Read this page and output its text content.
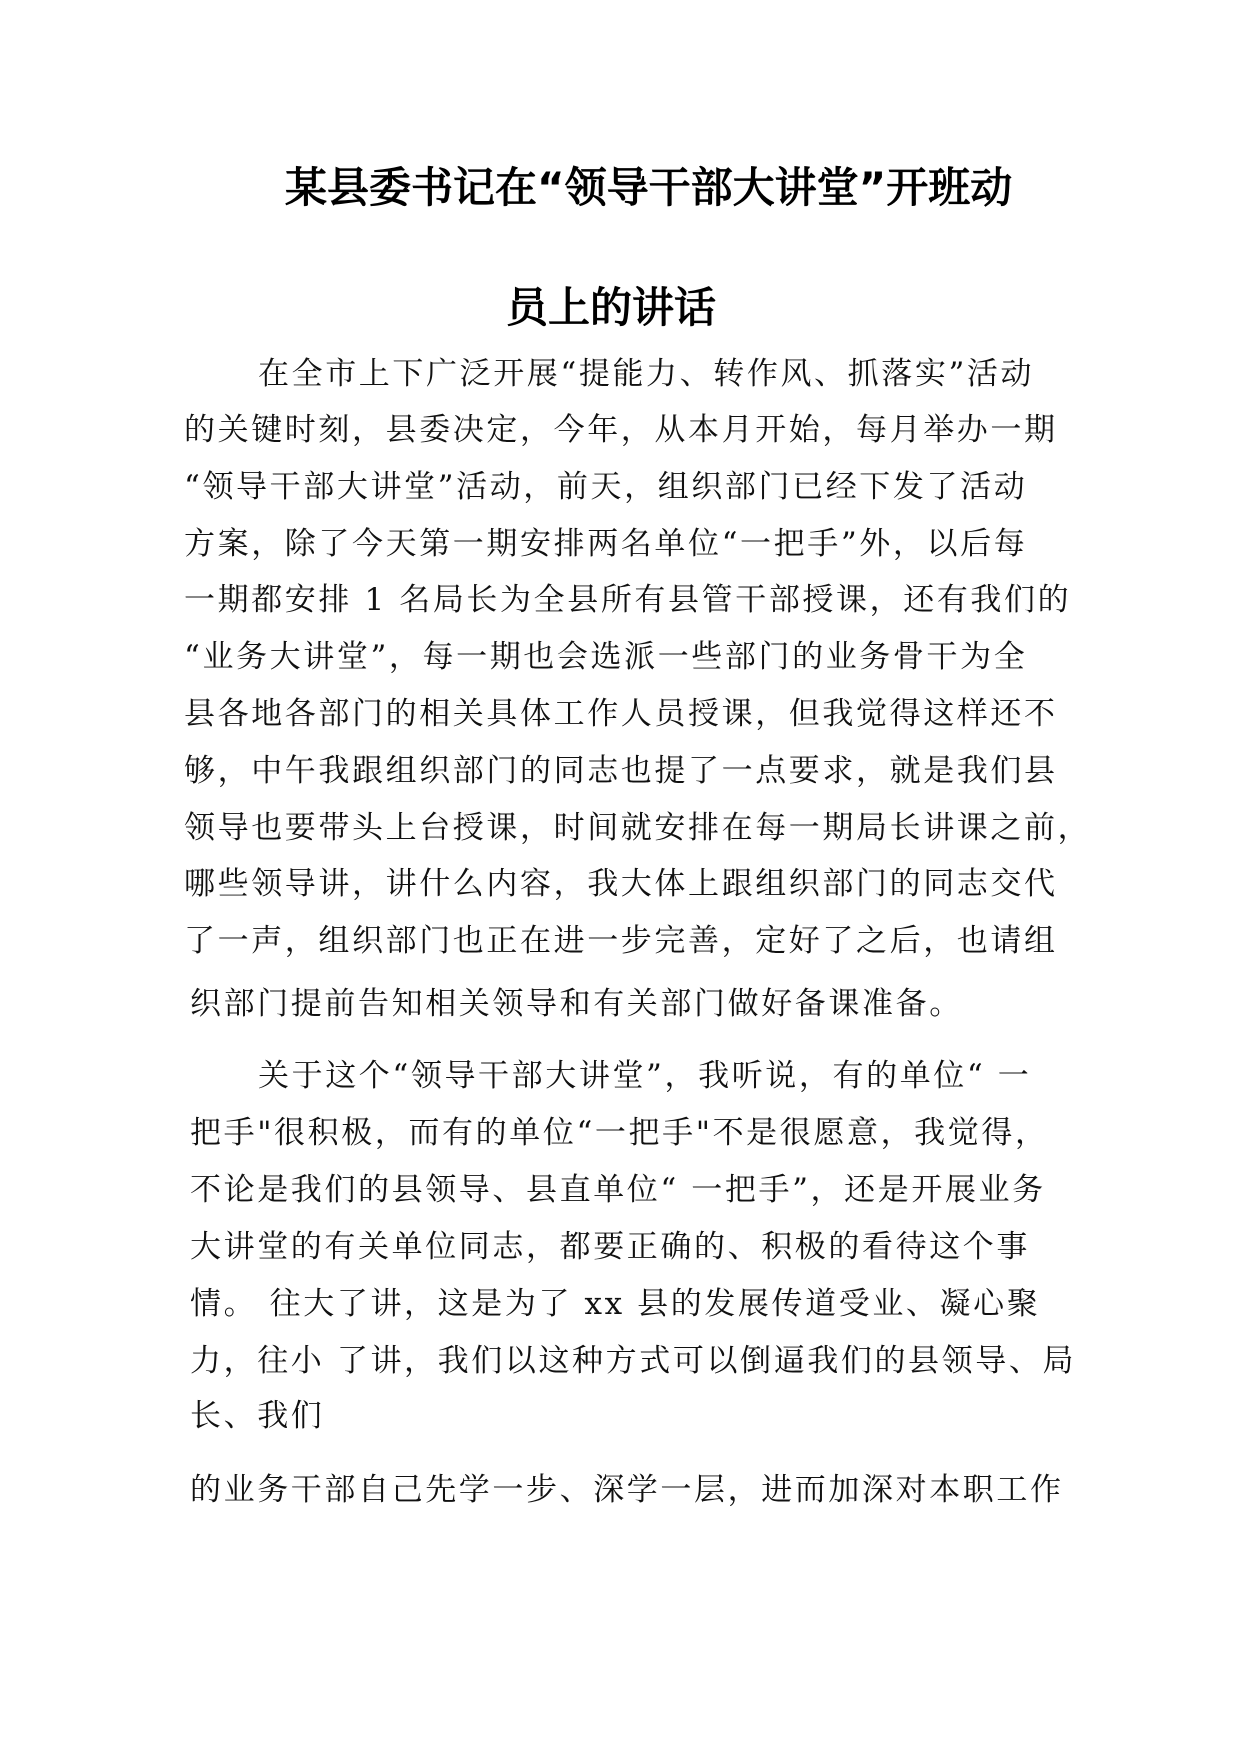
某县委书记在“领导干部大讲堂”开班动
员上的讲话
在全市上下广泛开展“提能力、转作风、抓落实”活动
的关键时刻，县委决定，今年，从本月开始，每月举办一期
“领导干部大讲堂”活动，前天，组织部门已经下发了活动
方案，除了今天第一期安排两名单位“一把手”外，以后每
一期都安排 1 名局长为全县所有县管干部授课，还有我们的
“业务大讲堂”，每一期也会选派一些部门的业务骨干为全
县各地各部门的相关具体工作人员授课，但我觉得这样还不
够，中午我跟组织部门的同志也提了一点要求，就是我们县
领导也要带头上台授课，时间就安排在每一期局长讲课之前，
哪些领导讲，讲什么内容，我大体上跟组织部门的同志交代
了一声，组织部门也正在进一步完善，定好了之后，也请组
织部门提前告知相关领导和有关部门做好备课准备。
关于这个“领导干部大讲堂”，我听说，有的单位“ 一
把手"很积极，而有的单位“一把手"不是很愿意，我觉得，
不论是我们的县领导、县直单位“ 一把手”，还是开展业务
大讲堂的有关单位同志，都要正确的、积极的看待这个事
情。 往大了讲，这是为了 xx 县的发展传道受业、凝心聚
力，往小 了讲，我们以这种方式可以倒逼我们的县领导、局
长、我们
的业务干部自己先学一步、深学一层，进而加深对本职工作
